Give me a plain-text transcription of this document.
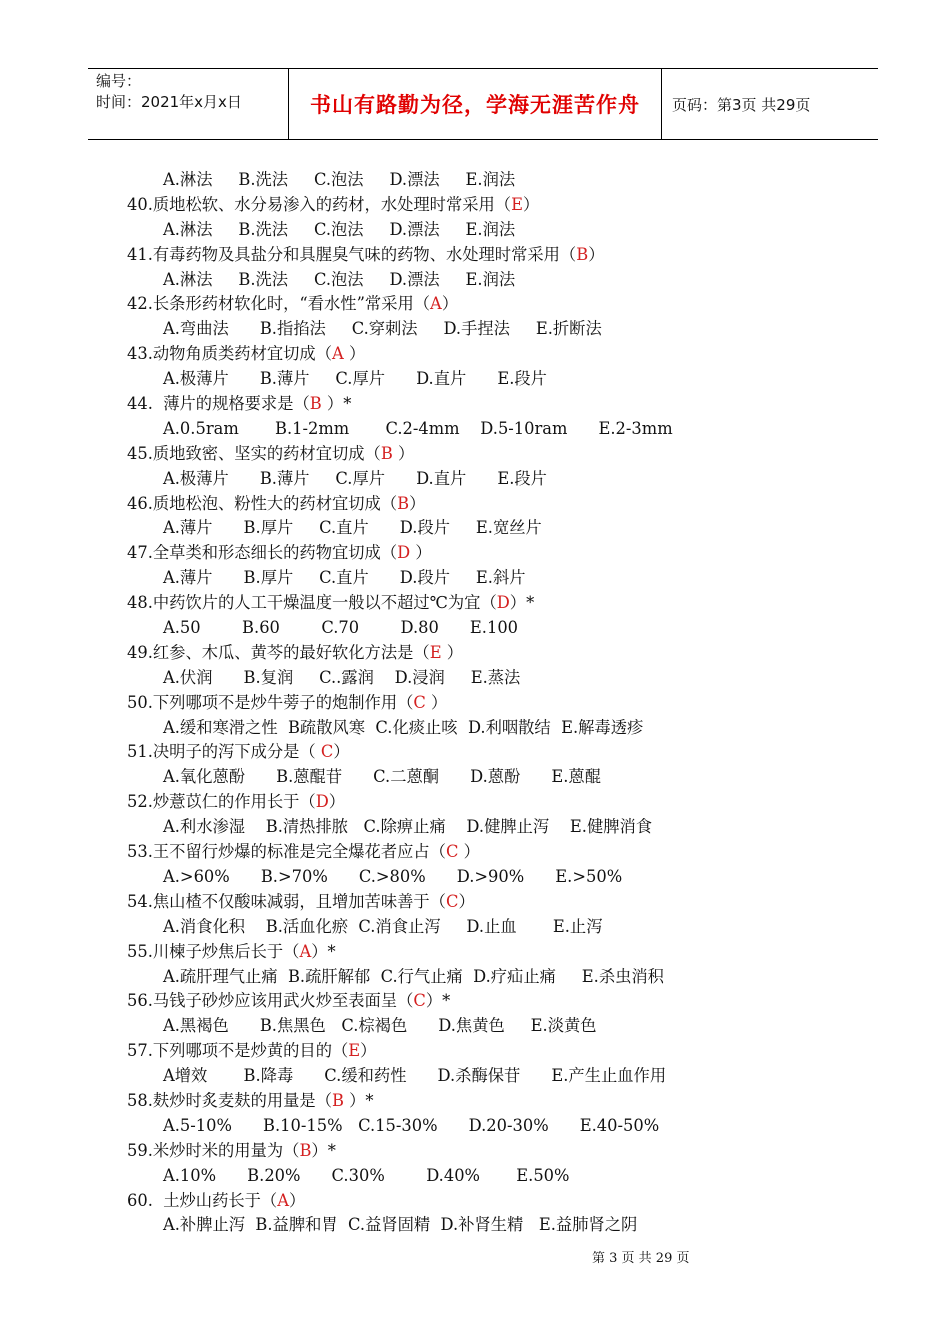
编号：
时间：2021年x月x日	书山有路勤为径，学海无涯苦作舟 页码：第3页 共29页
A.淋法     B.洗法     C.泡法     D.漂法     E.润法
40.质地松软、水分易渗入的药材，水处理时常采用（E）
A.淋法     B.洗法     C.泡法     D.漂法     E.润法
41.有毒药物及具盐分和具腥臭气味的药物、水处理时常采用（B）
A.淋法     B.洗法     C.泡法     D.漂法     E.润法
42.长条形药材软化时，“看水性”常采用（A）
A.弯曲法      B.指掐法     C.穿刺法     D.手捏法     E.折断法
43.动物角质类药材宜切成（A ）
A.极薄片      B.薄片     C.厚片      D.直片      E.段片
44.  薄片的规格要求是（B ）*
A.0.5ram       B.1-2mm       C.2-4mm    D.5-10ram      E.2-3mm
45.质地致密、坚实的药材宜切成（B ）
A.极薄片      B.薄片     C.厚片      D.直片      E.段片
46.质地松泡、粉性大的药材宜切成（B）
A.薄片      B.厚片     C.直片      D.段片     E.宽丝片
47.全草类和形态细长的药物宜切成（D ）
A.薄片      B.厚片     C.直片      D.段片     E.斜片
48.中药饮片的人工干燥温度一般以不超过℃为宜（D）*
A.50        B.60        C.70        D.80      E.100
49.红参、木瓜、黄芩的最好软化方法是（E ）
A.伏润      B.复润     C..露润    D.浸润     E.蒸法
50.下列哪项不是炒牛蒡子的炮制作用（C ）
A.缓和寒滑之性  B疏散风寒  C.化痰止咳  D.利咽散结  E.解毒透疹
51.决明子的泻下成分是（ C）
A.氧化蒽酚      B.蒽醌苷      C.二蒽酮      D.蒽酚      E.蒽醌
52.炒薏苡仁的作用长于（D）
A.利水渗湿    B.清热排脓   C.除痹止痛    D.健脾止泻    E.健脾消食
53.王不留行炒爆的标准是完全爆花者应占（C ）
A.>60%      B.>70%      C.>80%      D.>90%      E.>50%
54.焦山楂不仅酸味减弱，且增加苦味善于（C）
A.消食化积    B.活血化瘀  C.消食止泻     D.止血       E.止泻
55.川楝子炒焦后长于（A）*
A.疏肝理气止痛  B.疏肝解郁  C.行气止痛  D.疗疝止痛     E.杀虫消积
56.马钱子砂炒应该用武火炒至表面呈（C）*
A.黑褐色      B.焦黑色   C.棕褐色      D.焦黄色     E.淡黄色
57.下列哪项不是炒黄的目的（E）
A增效       B.降毒      C.缓和药性      D.杀酶保苷      E.产生止血作用
58.麸炒时炙麦麸的用量是（B ）*
A.5-10%      B.10-15%   C.15-30%      D.20-30%      E.40-50%
59.米炒时米的用量为（B）*
A.10%      B.20%      C.30%        D.40%       E.50%
60.  土炒山药长于（A）
A.补脾止泻  B.益脾和胃  C.益肾固精  D.补肾生精   E.益肺肾之阴
第 3 页 共 29 页
